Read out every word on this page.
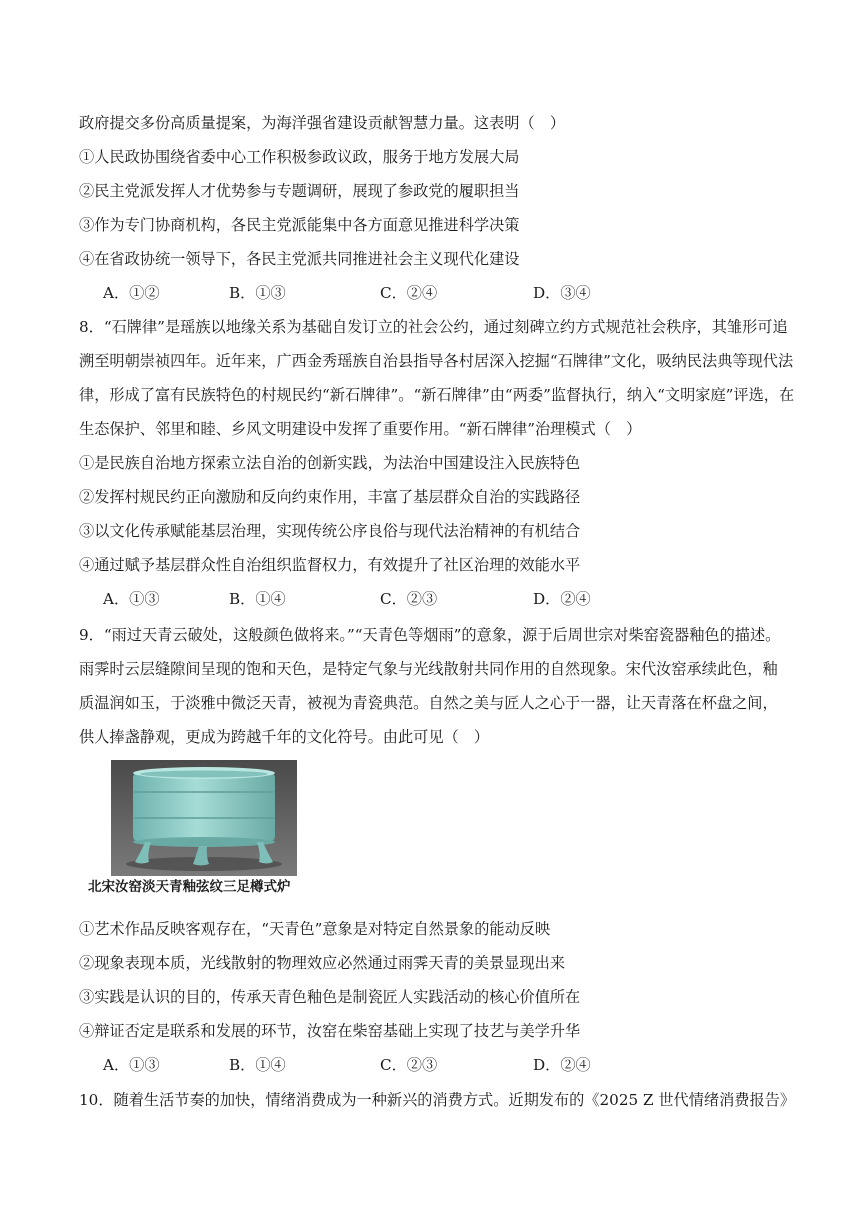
政府提交多份高质量提案，为海洋强省建设贡献智慧力量。这表明（　）
①人民政协围绕省委中心工作积极参政议政，服务于地方发展大局
②民主党派发挥人才优势参与专题调研，展现了参政党的履职担当
③作为专门协商机构，各民主党派能集中各方面意见推进科学决策
④在省政协统一领导下，各民主党派共同推进社会主义现代化建设
A．①②	B．①③	C．②④	D．③④
8．“石牌律”是瑶族以地缘关系为基础自发订立的社会公约，通过刻碑立约方式规范社会秩序，其雏形可追
溯至明朝崇祯四年。近年来，广西金秀瑶族自治县指导各村居深入挖掘“石牌律”文化，吸纳民法典等现代法
律，形成了富有民族特色的村规民约“新石牌律”。“新石牌律”由“两委”监督执行，纳入“文明家庭”评选，在
生态保护、邻里和睦、乡风文明建设中发挥了重要作用。“新石牌律”治理模式（　）
①是民族自治地方探索立法自治的创新实践，为法治中国建设注入民族特色
②发挥村规民约正向激励和反向约束作用，丰富了基层群众自治的实践路径
③以文化传承赋能基层治理，实现传统公序良俗与现代法治精神的有机结合
④通过赋予基层群众性自治组织监督权力，有效提升了社区治理的效能水平
A．①③	B．①④	C．②③	D．②④
9．“雨过天青云破处，这般颜色做将来。”“天青色等烟雨”的意象，源于后周世宗对柴窑瓷器釉色的描述。
雨霁时云层缝隙间呈现的饱和天色，是特定气象与光线散射共同作用的自然现象。宋代汝窑承续此色，釉
质温润如玉，于淡雅中微泛天青，被视为青瓷典范。自然之美与匠人之心于一器，让天青落在杯盘之间，
供人捧盏静观，更成为跨越千年的文化符号。由此可见（　）
北宋汝窑淡天青釉弦纹三足樽式炉
①艺术作品反映客观存在，“天青色”意象是对特定自然景象的能动反映
②现象表现本质，光线散射的物理效应必然通过雨霁天青的美景显现出来
③实践是认识的目的，传承天青色釉色是制瓷匠人实践活动的核心价值所在
④辩证否定是联系和发展的环节，汝窑在柴窑基础上实现了技艺与美学升华
A．①③	B．①④	C．②③	D．②④
10．随着生活节奏的加快，情绪消费成为一种新兴的消费方式。近期发布的《2025 Z 世代情绪消费报告》
